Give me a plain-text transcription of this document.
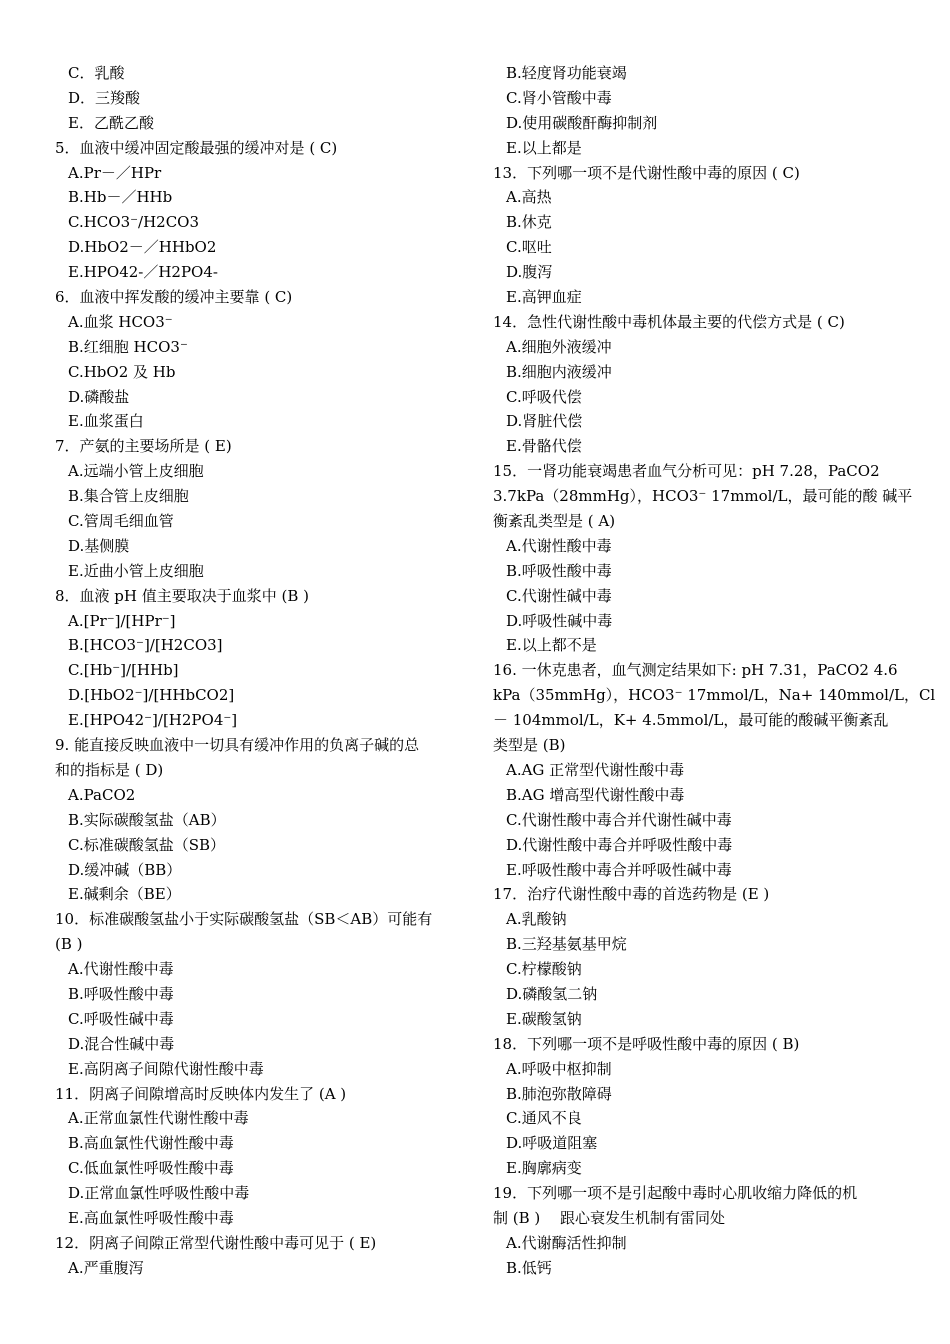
C．乳酸
D．三羧酸
E．乙酰乙酸
5．血液中缓冲固定酸最强的缓冲对是 ( C)
A.Pr－／HPr
B.Hb－／HHb
C.HCO3⁻/H2CO3
D.HbO2－／HHbO2
E.HPO42-／H2PO4-
6．血液中挥发酸的缓冲主要靠 ( C)
A.血浆 HCO3⁻
B.红细胞 HCO3⁻
C.HbO2 及 Hb
D.磷酸盐
E.血浆蛋白
7．产氨的主要场所是 ( E)
A.远端小管上皮细胞
B.集合管上皮细胞
C.管周毛细血管
D.基侧膜
E.近曲小管上皮细胞
8．血液 pH 值主要取决于血浆中 (B )
A.[Pr⁻]/[HPr⁻]
B.[HCO3⁻]/[H2CO3]
C.[Hb⁻]/[HHb]
D.[HbO2⁻]/[HHbCO2]
E.[HPO42⁻]/[H2PO4⁻]
9. 能直接反映血液中一切具有缓冲作用的负离子碱的总
和的指标是 ( D)
A.PaCO2
B.实际碳酸氢盐（AB）
C.标准碳酸氢盐（SB）
D.缓冲碱（BB）
E.碱剩余（BE）
10．标准碳酸氢盐小于实际碳酸氢盐（SB＜AB）可能有
(B )
A.代谢性酸中毒
B.呼吸性酸中毒
C.呼吸性碱中毒
D.混合性碱中毒
E.高阴离子间隙代谢性酸中毒
11．阴离子间隙增高时反映体内发生了 (A )
A.正常血氯性代谢性酸中毒
B.高血氯性代谢性酸中毒
C.低血氯性呼吸性酸中毒
D.正常血氯性呼吸性酸中毒
E.高血氯性呼吸性酸中毒
12．阴离子间隙正常型代谢性酸中毒可见于 ( E)
A.严重腹泻
B.轻度肾功能衰竭
C.肾小管酸中毒
D.使用碳酸酐酶抑制剂
E.以上都是
13．下列哪一项不是代谢性酸中毒的原因 ( C)
A.高热
B.休克
C.呕吐
D.腹泻
E.高钾血症
14．急性代谢性酸中毒机体最主要的代偿方式是 ( C)
A.细胞外液缓冲
B.细胞内液缓冲
C.呼吸代偿
D.肾脏代偿
E.骨骼代偿
15．一肾功能衰竭患者血气分析可见：pH 7.28，PaCO2
3.7kPa（28mmHg），HCO3⁻ 17mmol/L，最可能的酸 碱平
衡紊乱类型是 ( A)
A.代谢性酸中毒
B.呼吸性酸中毒
C.代谢性碱中毒
D.呼吸性碱中毒
E.以上都不是
16. 一休克患者，血气测定结果如下: pH 7.31，PaCO2 4.6
kPa（35mmHg），HCO3⁻ 17mmol/L，Na+ 140mmol/L，Cl
－ 104mmol/L，K+ 4.5mmol/L，最可能的酸碱平衡紊乱
类型是 (B)
A.AG 正常型代谢性酸中毒
B.AG 增高型代谢性酸中毒
C.代谢性酸中毒合并代谢性碱中毒
D.代谢性酸中毒合并呼吸性酸中毒
E.呼吸性酸中毒合并呼吸性碱中毒
17．治疗代谢性酸中毒的首选药物是 (E )
A.乳酸钠
B.三羟基氨基甲烷
C.柠檬酸钠
D.磷酸氢二钠
E.碳酸氢钠
18．下列哪一项不是呼吸性酸中毒的原因 ( B)
A.呼吸中枢抑制
B.肺泡弥散障碍
C.通风不良
D.呼吸道阻塞
E.胸廓病变
19．下列哪一项不是引起酸中毒时心肌收缩力降低的机
制 (B )　 跟心衰发生机制有雷同处
A.代谢酶活性抑制
B.低钙
